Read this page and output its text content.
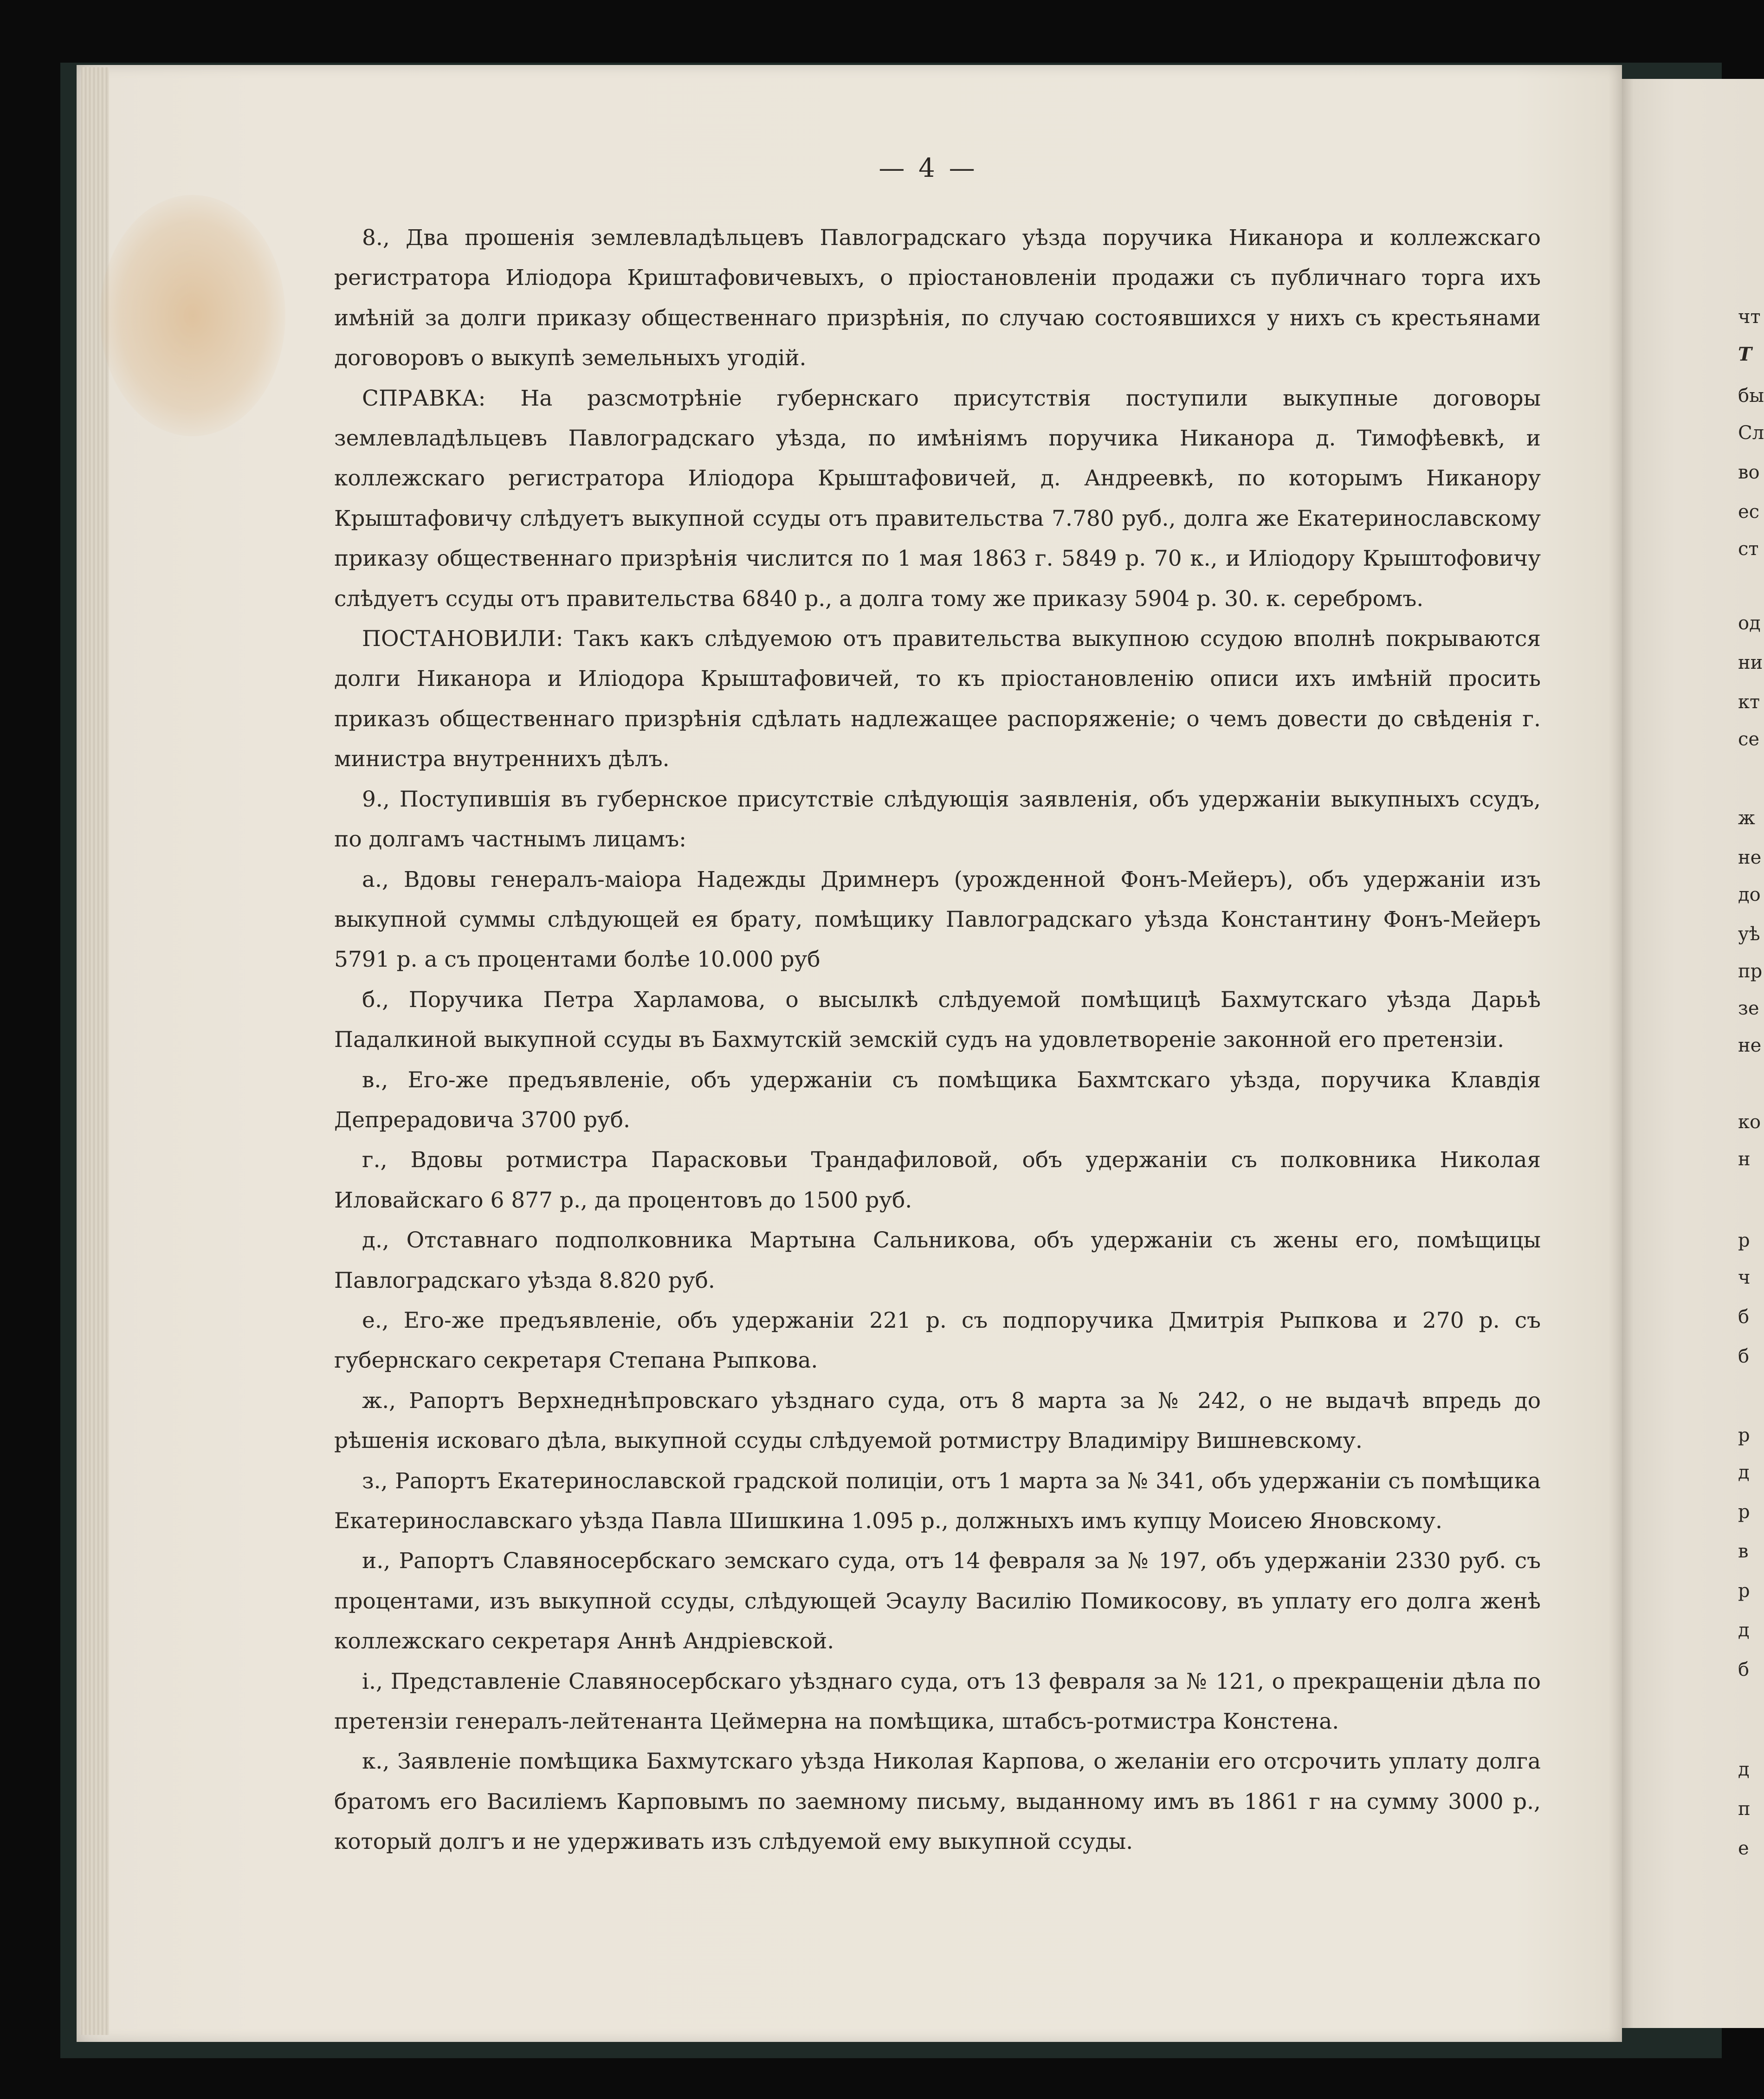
— 4 —

8., Два прошенія землевладѣльцевъ Павлоградскаго уѣзда поручика Никанора и коллежскаго регистратора Иліодора Криштафовичевыхъ, о пріостановленіи продажи съ публичнаго торга ихъ имѣній за долги приказу общественнаго призрѣнія, по случаю состоявшихся у нихъ съ крестьянами договоровъ о выкупѣ земельныхъ угодій.

СПРАВКА: На разсмотрѣніе губернскаго присутствія поступили выкупные договоры землевладѣльцевъ Павлоградскаго уѣзда, по имѣніямъ поручика Никанора д. Тимофѣевкѣ, и коллежскаго регистратора Иліодора Крыштафовичей, д. Андреевкѣ, по которымъ Никанору Крыштафовичу слѣдуетъ выкупной ссуды отъ правительства 7.780 руб., долга же Екатеринославскому приказу общественнаго призрѣнія числится по 1 мая 1863 г. 5849 р. 70 к., и Иліодору Крыштофовичу слѣдуетъ ссуды отъ правительства 6840 р., а долга тому же приказу 5904 р. 30. к. серебромъ.

ПОСТАНОВИЛИ: Такъ какъ слѣдуемою отъ правительства выкупною ссудою вполнѣ покрываются долги Никанора и Иліодора Крыштафовичей, то къ пріостановленію описи ихъ имѣній просить приказъ общественнаго призрѣнія сдѣлать надлежащее распоряженіе; о чемъ довести до свѣденія г. министра внутреннихъ дѣлъ.

9., Поступившія въ губернское присутствіе слѣдующія заявленія, объ удержаніи выкупныхъ ссудъ, по долгамъ частнымъ лицамъ:

а., Вдовы генералъ-маіора Надежды Дримнеръ (урожденной Фонъ-Мейеръ), объ удержаніи изъ выкупной суммы слѣдующей ея брату, помѣщику Павлоградскаго уѣзда Константину Фонъ-Мейеръ 5791 р. а съ процентами болѣе 10.000 руб

б., Поручика Петра Харламова, о высылкѣ слѣдуемой помѣщицѣ Бахмутскаго уѣзда Дарьѣ Падалкиной выкупной ссуды въ Бахмутскій земскій судъ на удовлетвореніе законной его претензіи.

в., Его-же предъявленіе, объ удержаніи съ помѣщика Бахмтскаго уѣзда, поручика Клавдія Депрерадовича 3700 руб.

г., Вдовы ротмистра Парасковьи Трандафиловой, объ удержаніи съ полковника Николая Иловайскаго 6 877 р., да процентовъ до 1500 руб.

д., Отставнаго подполковника Мартына Сальникова, объ удержаніи съ жены его, помѣщицы Павлоградскаго уѣзда 8.820 руб.

е., Его-же предъявленіе, объ удержаніи 221 р. съ подпоручика Дмитрія Рыпкова и 270 р. съ губернскаго секретаря Степана Рыпкова.

ж., Рапортъ Верхнеднѣпровскаго уѣзднаго суда, отъ 8 марта за № 242, о не выдачѣ впредь до рѣшенія исковаго дѣла, выкупной ссуды слѣдуемой ротмистру Владиміру Вишневскому.

з., Рапортъ Екатеринославской градской полиціи, отъ 1 марта за № 341, объ удержаніи съ помѣщика Екатеринославскаго уѣзда Павла Шишкина 1.095 р., должныхъ имъ купцу Моисею Яновскому.

и., Рапортъ Славяносербскаго земскаго суда, отъ 14 февраля за № 197, объ удержаніи 2330 руб. съ процентами, изъ выкупной ссуды, слѣдующей Эсаулу Василію Помикосову, въ уплату его долга женѣ коллежскаго секретаря Аннѣ Андріевской.

і., Представленіе Славяносербскаго уѣзднаго суда, отъ 13 февраля за № 121, о прекращеніи дѣла по претензіи генералъ-лейтенанта Цеймерна на помѣщика, штабсъ-ротмистра Констена.

к., Заявленіе помѣщика Бахмутскаго уѣзда Николая Карпова, о желаніи его отсрочить уплату долга братомъ его Василіемъ Карповымъ по заемному письму, выданному имъ въ 1861 г на сумму 3000 р., который долгъ и не удерживать изъ слѣдуемой ему выкупной ссуды.

чт
Т
бы
Сл
во
ес
ст
од
ни
кт
се
ж
не
до
уѣ
пр
зе
не
ко
н
р
ч
б
б
р
д
р
в
р
д
б
д
п
е
